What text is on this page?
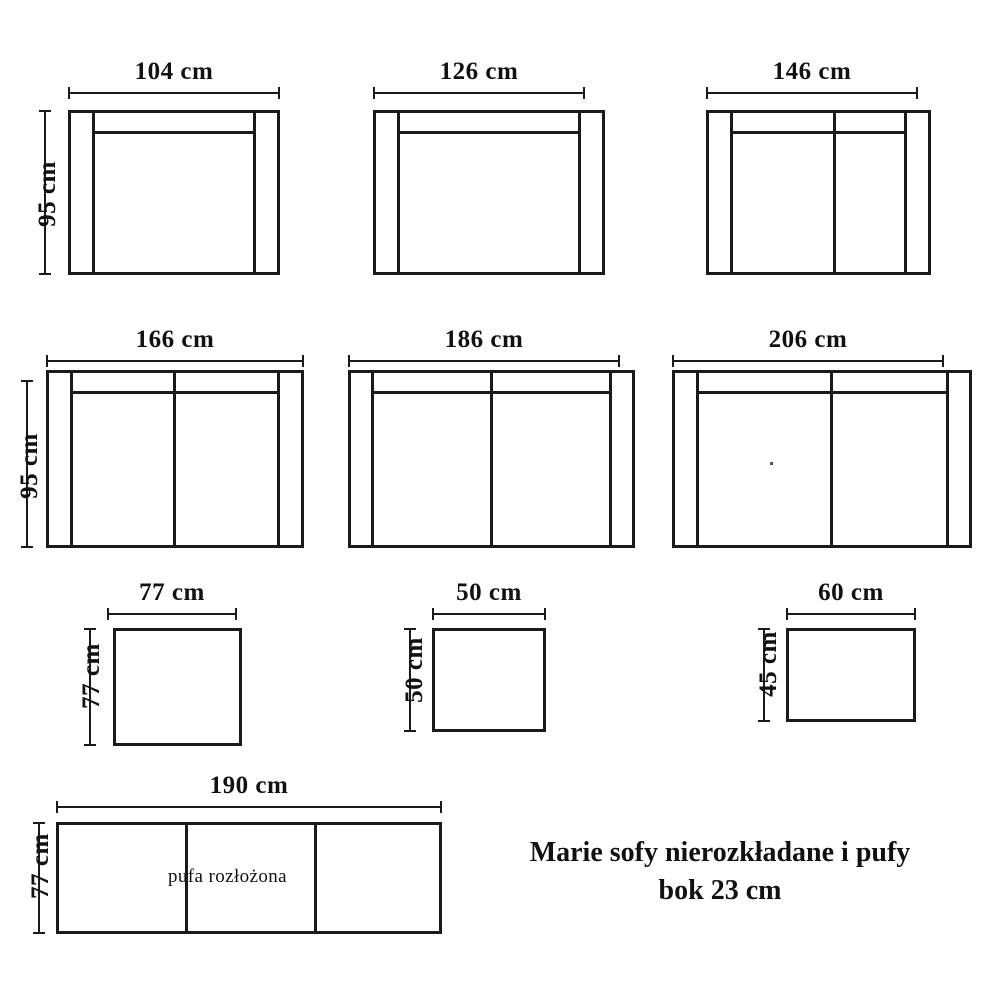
104 cm
95 cm
126 cm	146 cm
166 cm
95 cm
186 cm	206 cm
77 cm
77 cm
50 cm
50 cm
60 cm
45 cm
190 cm
77 cm	pufa rozłożona
Marie sofy nierozkładane i pufy
bok 23 cm
